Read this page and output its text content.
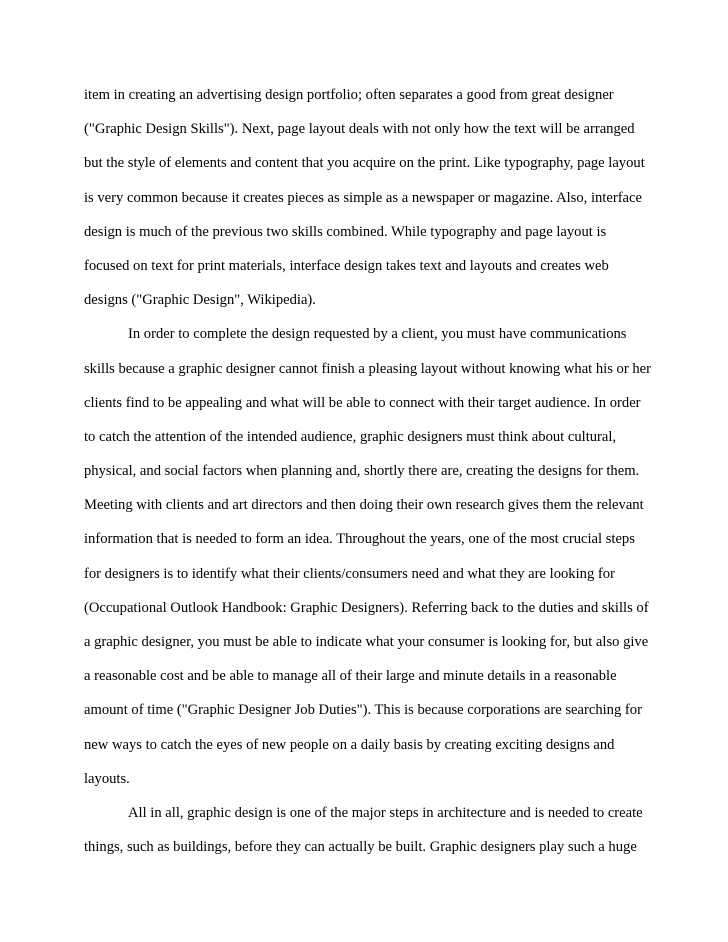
item in creating an advertising design portfolio; often separates a good from great designer
("Graphic Design Skills"). Next, page layout deals with not only how the text will be arranged
but the style of elements and content that you acquire on the print. Like typography, page layout
is very common because it creates pieces as simple as a newspaper or magazine. Also, interface
design is much of the previous two skills combined. While typography and page layout is
focused on text for print materials, interface design takes text and layouts and creates web
designs ("Graphic Design", Wikipedia).
In order to complete the design requested by a client, you must have communications
skills because a graphic designer cannot finish a pleasing layout without knowing what his or her
clients find to be appealing and what will be able to connect with their target audience. In order
to catch the attention of the intended audience, graphic designers must think about cultural,
physical, and social factors when planning and, shortly there are, creating the designs for them.
Meeting with clients and art directors and then doing their own research gives them the relevant
information that is needed to form an idea. Throughout the years, one of the most crucial steps
for designers is to identify what their clients/consumers need and what they are looking for
(Occupational Outlook Handbook: Graphic Designers). Referring back to the duties and skills of
a graphic designer, you must be able to indicate what your consumer is looking for, but also give
a reasonable cost and be able to manage all of their large and minute details in a reasonable
amount of time ("Graphic Designer Job Duties"). This is because corporations are searching for
new ways to catch the eyes of new people on a daily basis by creating exciting designs and
layouts.
All in all, graphic design is one of the major steps in architecture and is needed to create
things, such as buildings, before they can actually be built. Graphic designers play such a huge
